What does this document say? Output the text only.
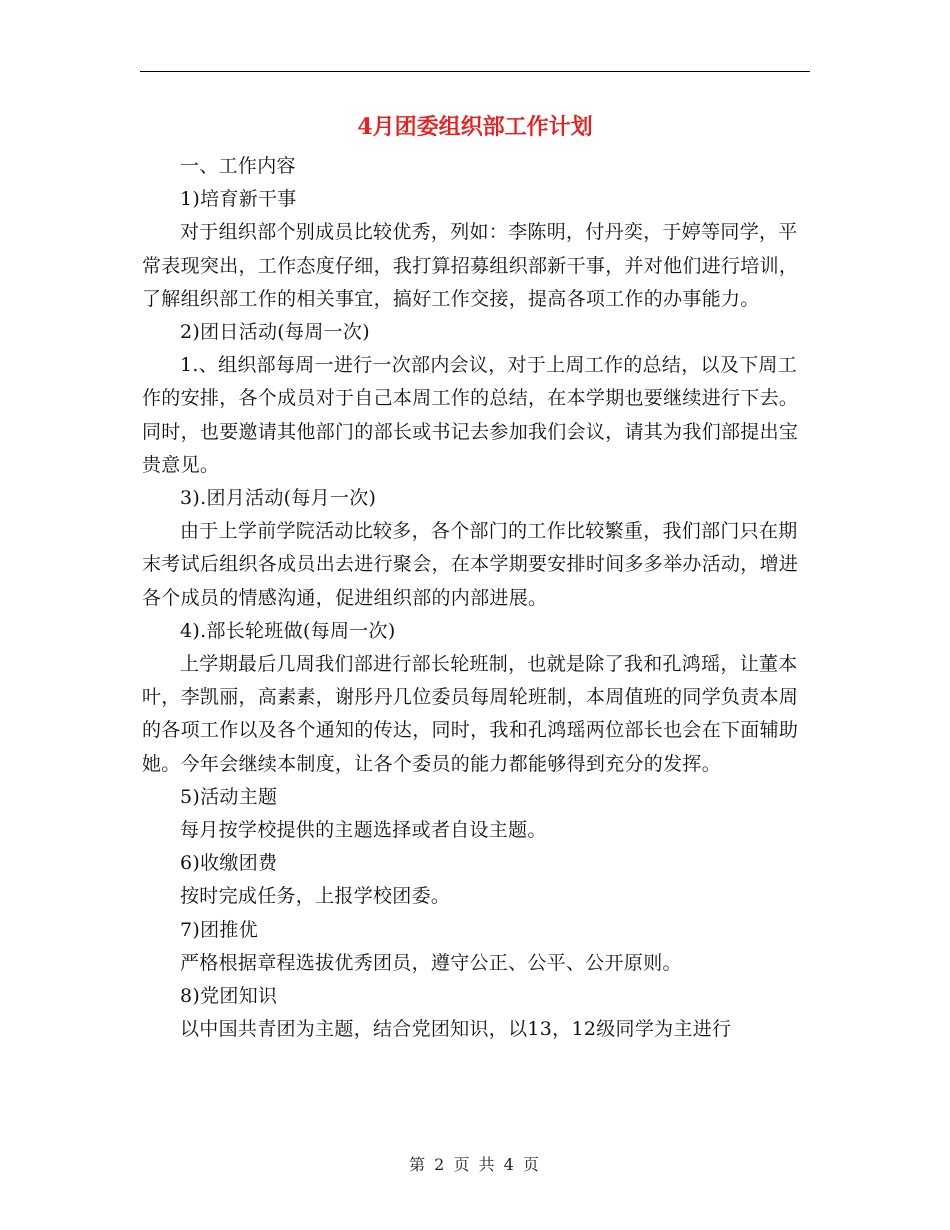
4月团委组织部工作计划

一、工作内容

1)培育新干事

对于组织部个别成员比较优秀，列如：李陈明，付丹奕，于婷等同学，平常表现突出，工作态度仔细，我打算招募组织部新干事，并对他们进行培训，了解组织部工作的相关事宜，搞好工作交接，提高各项工作的办事能力。

2)团日活动(每周一次)

1.、组织部每周一进行一次部内会议，对于上周工作的总结，以及下周工作的安排，各个成员对于自己本周工作的总结，在本学期也要继续进行下去。同时，也要邀请其他部门的部长或书记去参加我们会议，请其为我们部提出宝贵意见。

3).团月活动(每月一次)

由于上学前学院活动比较多，各个部门的工作比较繁重，我们部门只在期末考试后组织各成员出去进行聚会，在本学期要安排时间多多举办活动，增进各个成员的情感沟通，促进组织部的内部进展。

4).部长轮班做(每周一次)

上学期最后几周我们部进行部长轮班制，也就是除了我和孔鸿瑶，让董本叶，李凯丽，高素素，谢彤丹几位委员每周轮班制，本周值班的同学负责本周的各项工作以及各个通知的传达，同时，我和孔鸿瑶两位部长也会在下面辅助她。今年会继续本制度，让各个委员的能力都能够得到充分的发挥。

5)活动主题

每月按学校提供的主题选择或者自设主题。

6)收缴团费

按时完成任务，上报学校团委。

7)团推优

严格根据章程选拔优秀团员，遵守公正、公平、公开原则。

8)党团知识

以中国共青团为主题，结合党团知识，以13，12级同学为主进行

第 2 页 共 4 页
